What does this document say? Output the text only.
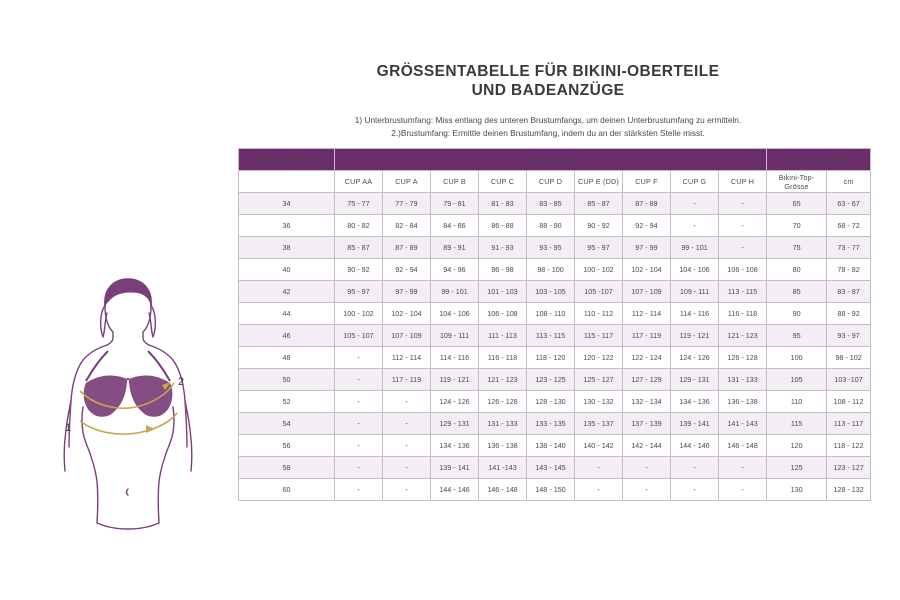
GRÖSSENTABELLE FÜR BIKINI-OBERTEILE
UND BADEANZÜGE
1) Unterbrustumfang: Miss entlang des unteren Brustumfangs, um deinen Unterbrustumfang zu ermitteln.
2.)Brustumfang: Ermittle deinen Brustumfang, indem du an der stärksten Stelle misst.
1
2
Normalgröße (DE)	Brustumfang									Unterbrustumfang	
	CUP AA	CUP A	CUP B	CUP C	CUP D	CUP E (DD)	CUP F	CUP G	CUP H	Bikini-Top-Grösse	cm
34	75 - 77	77 - 79	79 - 81	81 - 83	83 - 85	85 - 87	87 - 89	-	-	65	63 - 67
36	80 - 82	82 - 84	84 - 86	86 - 88	88 - 90	90 - 92	92 - 94	-	-	70	68 - 72
38	85 - 87	87 - 89	89 - 91	91 - 93	93 - 95	95 - 97	97 - 99	99 - 101	-	75	73 - 77
40	90 - 92	92 - 94	94 - 96	96 - 98	98 - 100	100 - 102	102 - 104	104 - 106	106 - 108	80	78 - 82
42	95 - 97	97 - 99	99 - 101	101 - 103	103 - 105	105 -107	107 - 109	109 - 111	113 - 115	85	83 - 87
44	100 - 102	102 - 104	104 - 106	106 - 108	108 - 110	110 - 112	112 - 114	114 - 116	116 - 118	90	88 - 92
46	105 - 107	107 - 109	109 - 111	111 - 113	113 - 115	115 - 117	117 - 119	119 - 121	121 - 123	95	93 - 97
48	-	112 - 114	114 - 116	116 - 118	118 - 120	120 - 122	122 - 124	124 - 126	126 - 128	100	98 - 102
50	-	117 - 119	119 - 121	121 - 123	123 - 125	125 - 127	127 - 129	129 - 131	131 - 133	105	103 -107
52	-	-	124 - 126	126 - 128	128 - 130	130 - 132	132 - 134	134 - 136	136 - 138	110	108 - 112
54	-	-	129 - 131	131 - 133	133 - 135	135 - 137	137 - 139	139 - 141	141 - 143	115	113 - 117
56	-	-	134 - 136	136 - 138	138 - 140	140 - 142	142 - 144	144 - 146	146 - 148	120	118 - 122
58	-	-	139 - 141	141 -143	143 - 145	-	-	-	-	125	123 - 127
60	-	-	144 - 146	146 - 148	148 - 150	-	-	-	-	130	128 - 132
